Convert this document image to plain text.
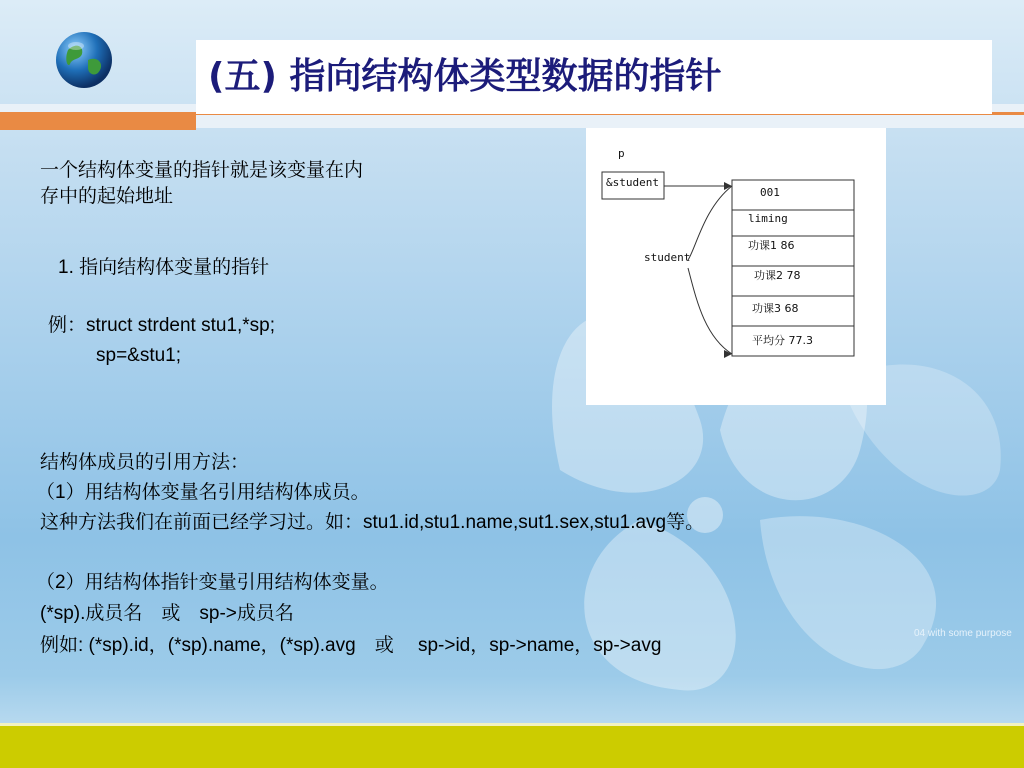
(五) 指向结构体类型数据的指针
一个结构体变量的指针就是该变量在内
存中的起始地址
1. 指向结构体变量的指针
例：struct strdent stu1,*sp;
sp=&stu1;
p
&student
student
001
liming
功课1 86
功课2 78
功课3 68
平均分 77.3
结构体成员的引用方法：
（1）用结构体变量名引用结构体成员。
这种方法我们在前面已经学习过。如：stu1.id,stu1.name,sut1.sex,stu1.avg等。
（2）用结构体指针变量引用结构体变量。
(*sp).成员名　或　sp->成员名
例如: (*sp).id，(*sp).name，(*sp).avg　或　 sp->id，sp->name，sp->avg
04 with some purpose
